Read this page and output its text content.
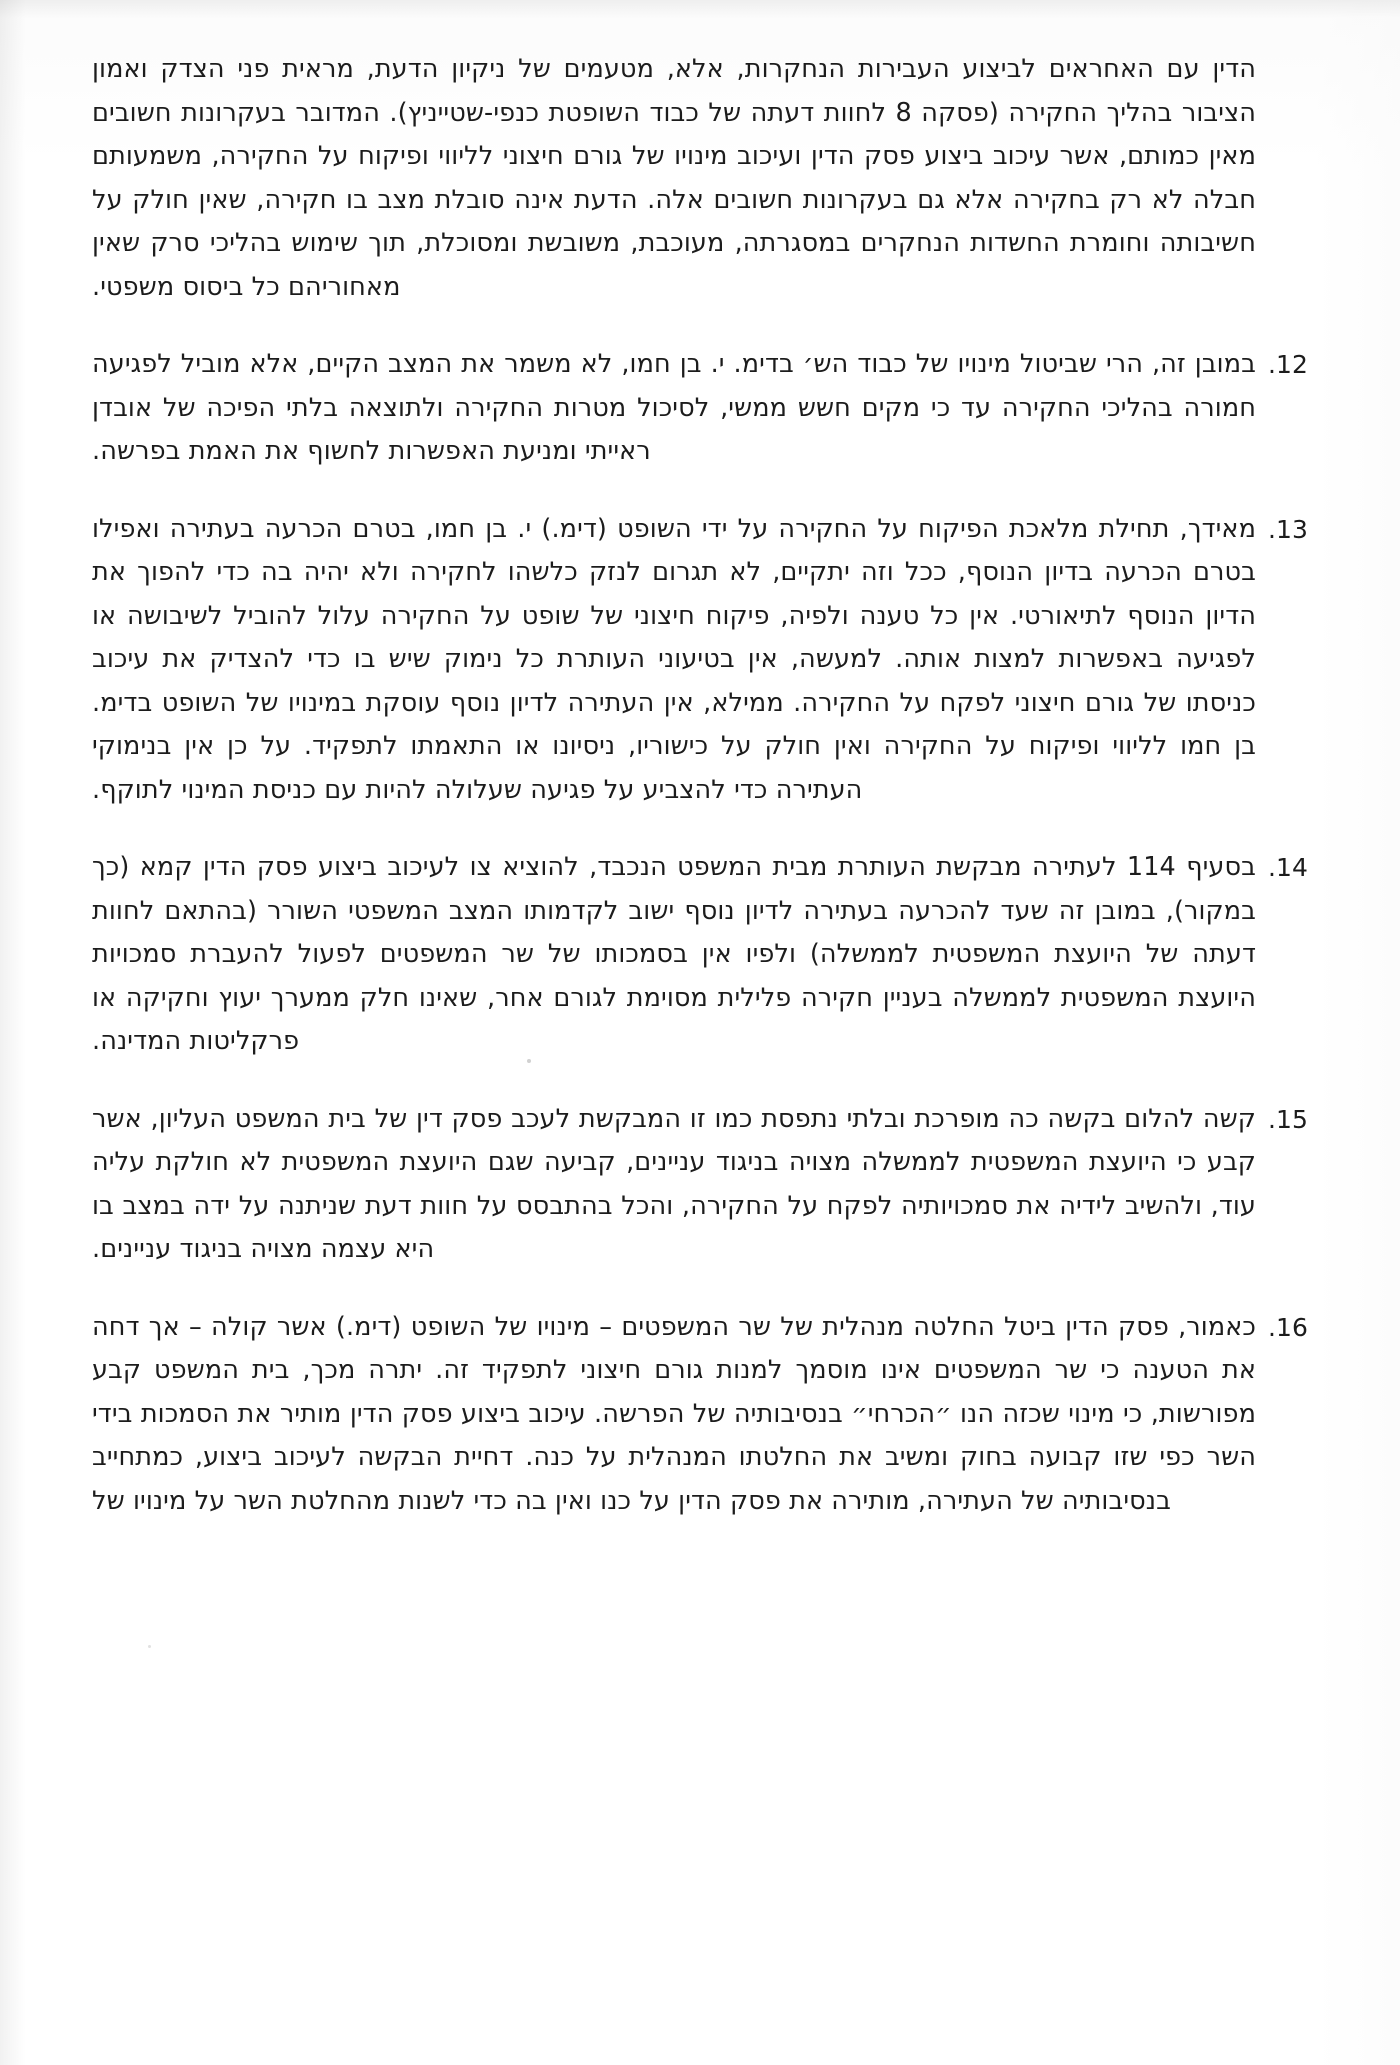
הדין עם האחראים לביצוע העבירות הנחקרות, אלא, מטעמים של ניקיון הדעת, מראית פני הצדק ואמון הציבור בהליך החקירה (פסקה 8 לחוות דעתה של כבוד השופטת כנפי-שטייניץ). המדובר בעקרונות חשובים מאין כמותם, אשר עיכוב ביצוע פסק הדין ועיכוב מינויו של גורם חיצוני לליווי ופיקוח על החקירה, משמעותם חבלה לא רק בחקירה אלא גם בעקרונות חשובים אלה. הדעת אינה סובלת מצב בו חקירה, שאין חולק על חשיבותה וחומרת החשדות הנחקרים במסגרתה, מעוכבת, משובשת ומסוכלת, תוך שימוש בהליכי סרק שאין מאחוריהם כל ביסוס משפטי.
12.
במובן זה, הרי שביטול מינויו של כבוד הש׳ בדימ. י. בן חמו, לא משמר את המצב הקיים, אלא מוביל לפגיעה חמורה בהליכי החקירה עד כי מקים חשש ממשי, לסיכול מטרות החקירה ולתוצאה בלתי הפיכה של אובדן ראייתי ומניעת האפשרות לחשוף את האמת בפרשה.
13.
מאידך, תחילת מלאכת הפיקוח על החקירה על ידי השופט (דימ.) י. בן חמו, בטרם הכרעה בעתירה ואפילו בטרם הכרעה בדיון הנוסף, ככל וזה יתקיים, לא תגרום לנזק כלשהו לחקירה ולא יהיה בה כדי להפוך את הדיון הנוסף לתיאורטי. אין כל טענה ולפיה, פיקוח חיצוני של שופט על החקירה עלול להוביל לשיבושה או לפגיעה באפשרות למצות אותה. למעשה, אין בטיעוני העותרת כל נימוק שיש בו כדי להצדיק את עיכוב כניסתו של גורם חיצוני לפקח על החקירה. ממילא, אין העתירה לדיון נוסף עוסקת במינויו של השופט בדימ. בן חמו לליווי ופיקוח על החקירה ואין חולק על כישוריו, ניסיונו או התאמתו לתפקיד. על כן אין בנימוקי העתירה כדי להצביע על פגיעה שעלולה להיות עם כניסת המינוי לתוקף.
14.
בסעיף 114 לעתירה מבקשת העותרת מבית המשפט הנכבד, להוציא צו לעיכוב ביצוע פסק הדין קמא (כך במקור), במובן זה שעד להכרעה בעתירה לדיון נוסף ישוב לקדמותו המצב המשפטי השורר (בהתאם לחוות דעתה של היועצת המשפטית לממשלה) ולפיו אין בסמכותו של שר המשפטים לפעול להעברת סמכויות היועצת המשפטית לממשלה בעניין חקירה פלילית מסוימת לגורם אחר, שאינו חלק ממערך יעוץ וחקיקה או פרקליטות המדינה.
15.
קשה להלום בקשה כה מופרכת ובלתי נתפסת כמו זו המבקשת לעכב פסק דין של בית המשפט העליון, אשר קבע כי היועצת המשפטית לממשלה מצויה בניגוד עניינים, קביעה שגם היועצת המשפטית לא חולקת עליה עוד, ולהשיב לידיה את סמכויותיה לפקח על החקירה, והכל בהתבסס על חוות דעת שניתנה על ידה במצב בו היא עצמה מצויה בניגוד עניינים.
16.
כאמור, פסק הדין ביטל החלטה מנהלית של שר המשפטים – מינויו של השופט (דימ.) אשר קולה – אך דחה את הטענה כי שר המשפטים אינו מוסמך למנות גורם חיצוני לתפקיד זה. יתרה מכך, בית המשפט קבע מפורשות, כי מינוי שכזה הנו ״הכרחי״ בנסיבותיה של הפרשה. עיכוב ביצוע פסק הדין מותיר את הסמכות בידי השר כפי שזו קבועה בחוק ומשיב את החלטתו המנהלית על כנה. דחיית הבקשה לעיכוב ביצוע, כמתחייב בנסיבותיה של העתירה, מותירה את פסק הדין על כנו ואין בה כדי לשנות מהחלטת השר על מינויו של
